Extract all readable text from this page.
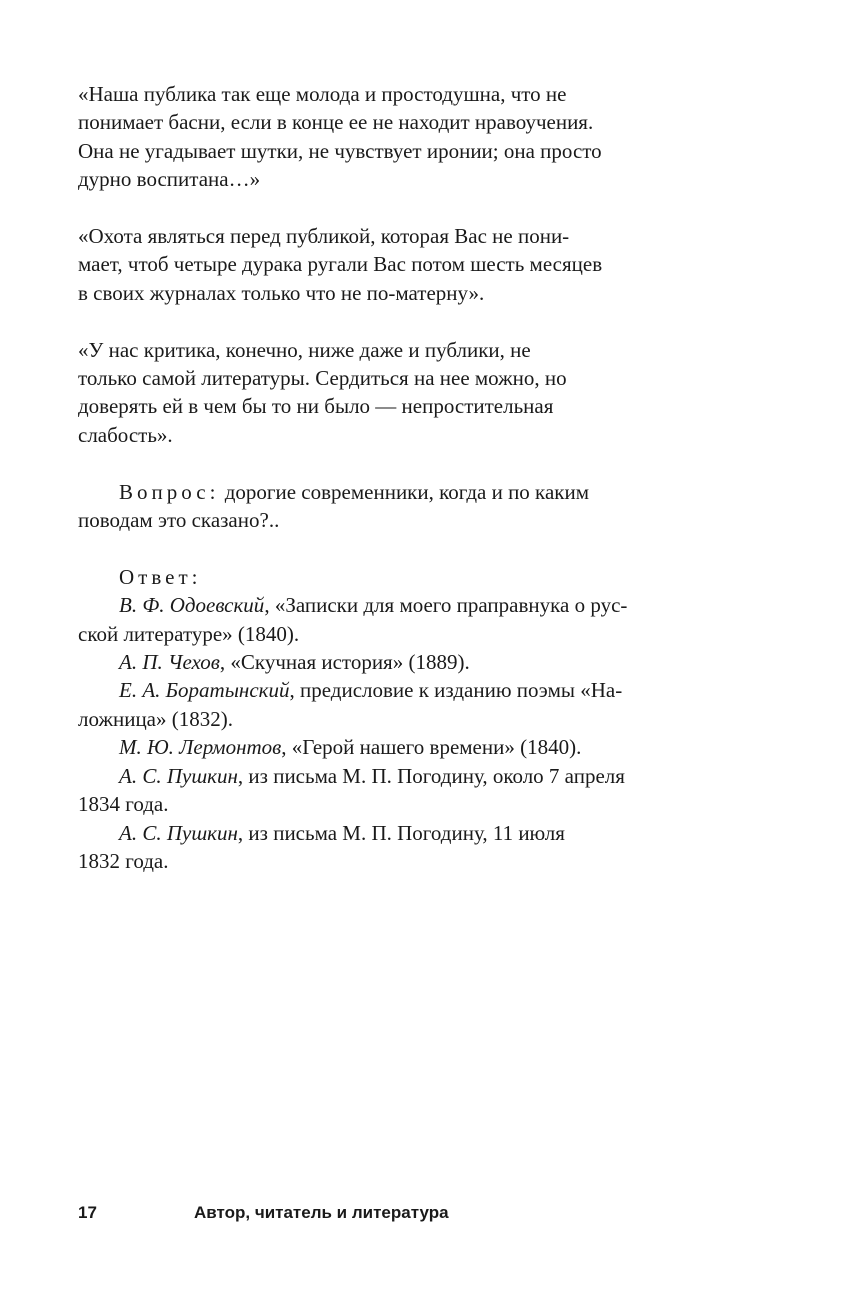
«Наша публика так еще молода и простодушна, что не
понимает басни, если в конце ее не находит нравоучения.
Она не угадывает шутки, не чувствует иронии; она просто
дурно воспитана…»

«Охота являться перед публикой, которая Вас не пони-
мает, чтоб четыре дурака ругали Вас потом шесть месяцев
в своих журналах только что не по-матерну».

«У нас критика, конечно, ниже даже и публики, не
только самой литературы. Сердиться на нее можно, но
доверять ей в чем бы то ни было — непростительная
слабость».

Вопрос: дорогие современники, когда и по каким
поводам это сказано?..

Ответ:

В. Ф. Одоевский, «Записки для моего праправнука о рус-
ской литературе» (1840).

А. П. Чехов, «Скучная история» (1889).

Е. А. Боратынский, предисловие к изданию поэмы «На-
ложница» (1832).

М. Ю. Лермонтов, «Герой нашего времени» (1840).

А. С. Пушкин, из письма М. П. Погодину, около 7 апреля
1834 года.

А. С. Пушкин, из письма М. П. Погодину, 11 июля
1832 года.

17	Автор, читатель и литература
